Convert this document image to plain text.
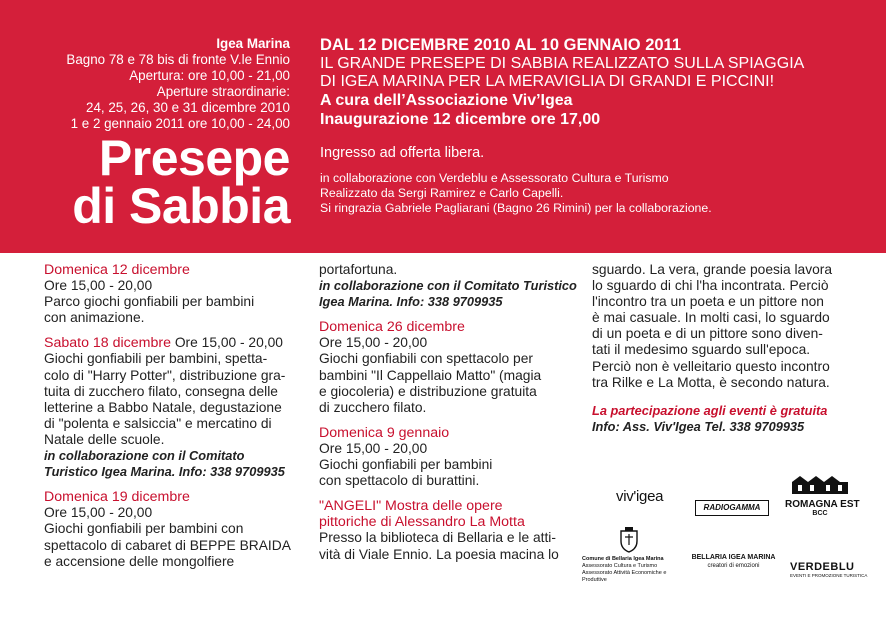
Igea Marina
Bagno 78 e 78 bis di fronte V.le Ennio
Apertura: ore 10,00 - 21,00
Aperture straordinarie:
24, 25, 26, 30 e 31 dicembre 2010
1 e 2 gennaio 2011 ore 10,00 - 24,00
Presepe
di Sabbia
DAL 12 DICEMBRE 2010 AL 10 GENNAIO 2011
IL GRANDE PRESEPE DI SABBIA REALIZZATO SULLA SPIAGGIA
DI IGEA MARINA PER LA MERAVIGLIA DI GRANDI E PICCINI!
A cura dell’Associazione Viv’Igea
Inaugurazione 12 dicembre ore 17,00
Ingresso ad offerta libera.
in collaborazione con Verdeblu e Assessorato Cultura e Turismo
Realizzato da Sergi Ramirez e Carlo Capelli.
Si ringrazia Gabriele Pagliarani (Bagno 26 Rimini) per la collaborazione.
Domenica 12 dicembre
Ore 15,00 - 20,00
Parco giochi gonfiabili per bambini
con animazione.
Sabato 18 dicembre Ore 15,00 - 20,00
Giochi gonfiabili per bambini, spetta-
colo di "Harry Potter", distribuzione gra-
tuita di zucchero filato, consegna delle
letterine a Babbo Natale, degustazione
di "polenta e salsiccia" e mercatino di
Natale delle scuole.
in collaborazione con il Comitato
Turistico Igea Marina. Info: 338 9709935
Domenica 19 dicembre
Ore 15,00 - 20,00
Giochi gonfiabili per bambini con
spettacolo di cabaret di BEPPE BRAIDA
e accensione delle mongolfiere
portafortuna.
in collaborazione con il Comitato Turistico
Igea Marina. Info: 338 9709935
Domenica 26 dicembre
Ore 15,00 - 20,00
Giochi gonfiabili con spettacolo per
bambini "Il Cappellaio Matto" (magia
e giocoleria) e distribuzione gratuita
di zucchero filato.
Domenica 9 gennaio
Ore 15,00 - 20,00
Giochi gonfiabili per bambini
con spettacolo di burattini.
"ANGELI" Mostra delle opere
pittoriche di Alessandro La Motta
Presso la biblioteca di Bellaria e le atti-
vità di Viale Ennio. La poesia macina lo
sguardo. La vera, grande poesia lavora
lo sguardo di chi l'ha incontrata. Perciò
l'incontro tra un poeta e un pittore non
è mai casuale. In molti casi, lo sguardo
di un poeta e di un pittore sono diven-
tati il medesimo sguardo sull'epoca.
Perciò non è velleitario questo incontro
tra Rilke e La Motta, è secondo natura.
La partecipazione agli eventi è gratuita
Info: Ass. Viv'Igea Tel. 338 9709935
viv'igea
RADIOGAMMA	ROMAGNA EST
BCC
Comune di Bellaria Igea Marina
Assessorato Cultura e Turismo
Assessorato Attività Economiche e Produttive
BELLARIA IGEA MARINA
creatori di emozioni	VERDEBLU
EVENTI E PROMOZIONE TURISTICA
